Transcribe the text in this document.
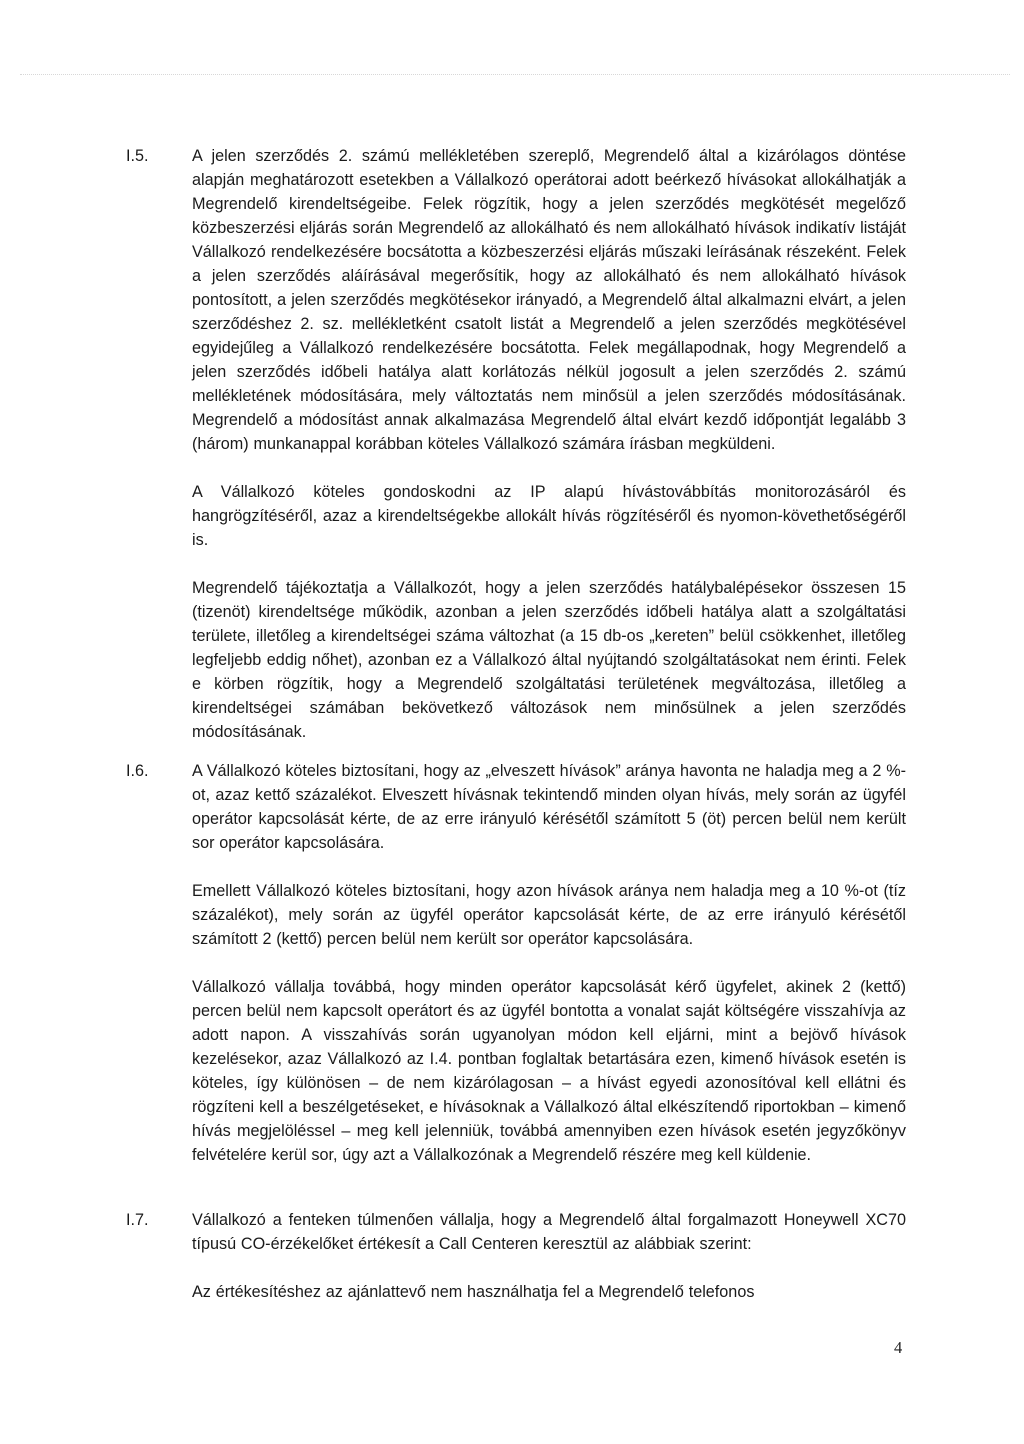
I.5.	A jelen szerződés 2. számú mellékletében szereplő, Megrendelő által a kizárólagos döntése alapján meghatározott esetekben a Vállalkozó operátorai adott beérkező hívásokat allokálhatják a Megrendelő kirendeltségeibe. Felek rögzítik, hogy a jelen szerződés megkötését megelőző közbeszerzési eljárás során Megrendelő az allokálható és nem allokálható hívások indikatív listáját Vállalkozó rendelkezésére bocsátotta a közbeszerzési eljárás műszaki leírásának részeként. Felek a jelen szerződés aláírásával megerősítik, hogy az allokálható és nem allokálható hívások pontosított, a jelen szerződés megkötésekor irányadó, a Megrendelő által alkalmazni elvárt, a jelen szerződéshez 2. sz. mellékletként csatolt listát a Megrendelő a jelen szerződés megkötésével egyidejűleg a Vállalkozó rendelkezésére bocsátotta. Felek megállapodnak, hogy Megrendelő a jelen szerződés időbeli hatálya alatt korlátozás nélkül jogosult a jelen szerződés 2. számú mellékletének módosítására, mely változtatás nem minősül a jelen szerződés módosításának. Megrendelő a módosítást annak alkalmazása Megrendelő által elvárt kezdő időpontját legalább 3 (három) munkanappal korábban köteles Vállalkozó számára írásban megküldeni.

A Vállalkozó köteles gondoskodni az IP alapú hívástovábbítás monitorozásáról és hangrögzítéséről, azaz a kirendeltségekbe allokált hívás rögzítéséről és nyomon-követhetőségéről is.

Megrendelő tájékoztatja a Vállalkozót, hogy a jelen szerződés hatálybalépésekor összesen 15 (tizenöt) kirendeltsége működik, azonban a jelen szerződés időbeli hatálya alatt a szolgáltatási területe, illetőleg a kirendeltségei száma változhat (a 15 db-os „kereten” belül csökkenhet, illetőleg legfeljebb eddig nőhet), azonban ez a Vállalkozó által nyújtandó szolgáltatásokat nem érinti. Felek e körben rögzítik, hogy a Megrendelő szolgáltatási területének megváltozása, illetőleg a kirendeltségei számában bekövetkező változások nem minősülnek a jelen szerződés módosításának.

I.6.	A Vállalkozó köteles biztosítani, hogy az „elveszett hívások” aránya havonta ne haladja meg a 2 %-ot, azaz kettő százalékot. Elveszett hívásnak tekintendő minden olyan hívás, mely során az ügyfél operátor kapcsolását kérte, de az erre irányuló kérésétől számított 5 (öt) percen belül nem került sor operátor kapcsolására.

Emellett Vállalkozó köteles biztosítani, hogy azon hívások aránya nem haladja meg a 10 %-ot (tíz százalékot), mely során az ügyfél operátor kapcsolását kérte, de az erre irányuló kérésétől számított 2 (kettő) percen belül nem került sor operátor kapcsolására.

Vállalkozó vállalja továbbá, hogy minden operátor kapcsolását kérő ügyfelet, akinek 2 (kettő) percen belül nem kapcsolt operátort és az ügyfél bontotta a vonalat saját költségére visszahívja az adott napon. A visszahívás során ugyanolyan módon kell eljárni, mint a bejövő hívások kezelésekor, azaz Vállalkozó az I.4. pontban foglaltak betartására ezen, kimenő hívások esetén is köteles, így különösen – de nem kizárólagosan – a hívást egyedi azonosítóval kell ellátni és rögzíteni kell a beszélgetéseket, e hívásoknak a Vállalkozó által elkészítendő riportokban – kimenő hívás megjelöléssel – meg kell jelenniük, továbbá amennyiben ezen hívások esetén jegyzőkönyv felvételére kerül sor, úgy azt a Vállalkozónak a Megrendelő részére meg kell küldenie.

I.7.	Vállalkozó a fenteken túlmenően vállalja, hogy a Megrendelő által forgalmazott Honeywell XC70 típusú CO-érzékelőket értékesít a Call Centeren keresztül az alábbiak szerint:

Az értékesítéshez az ajánlattevő nem használhatja fel a Megrendelő telefonos

4
